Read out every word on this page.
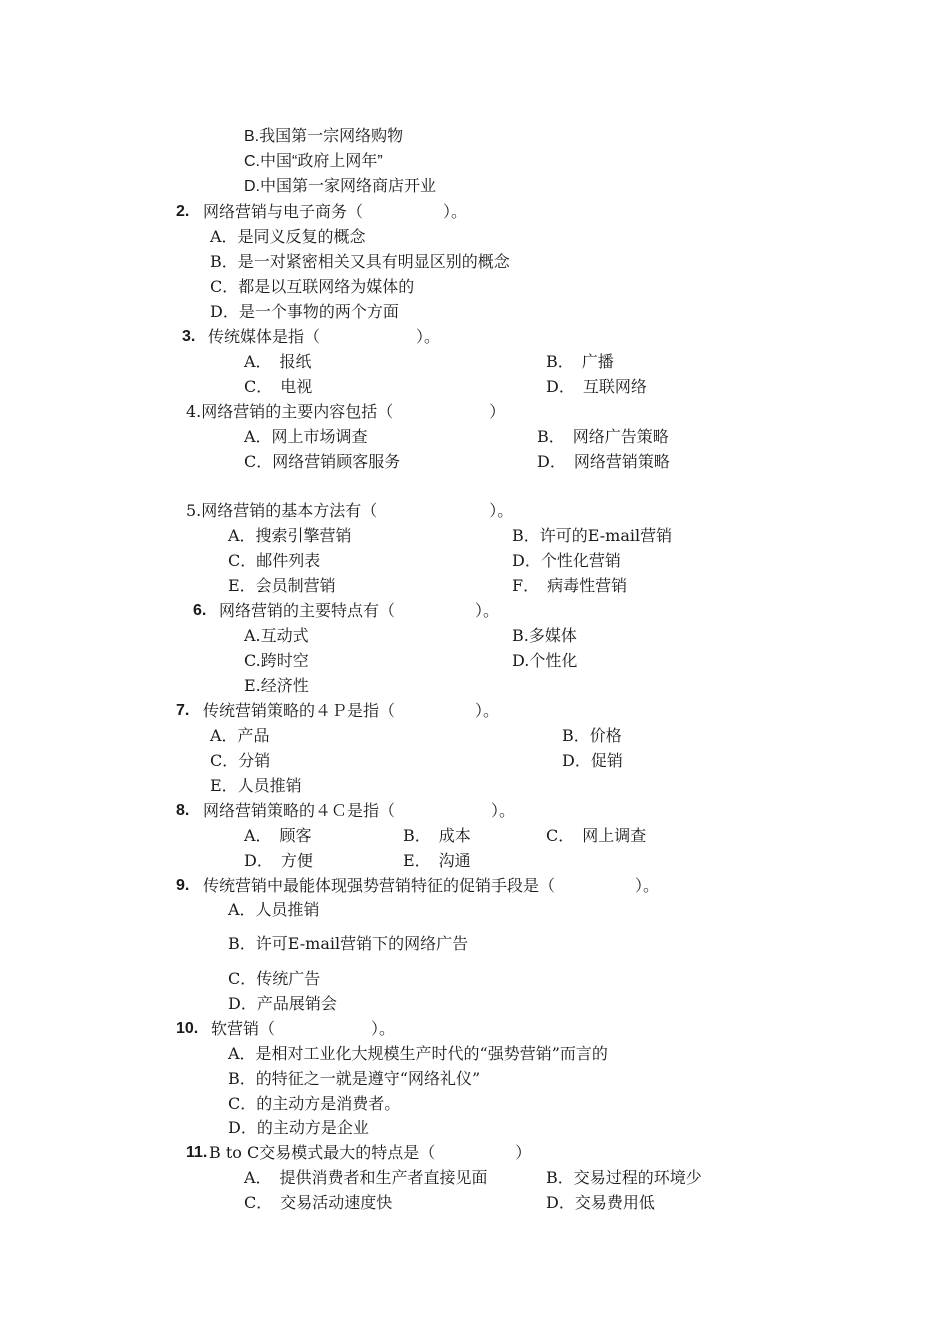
B.我国第一宗网络购物
C.中国“政府上网年”
D.中国第一家网络商店开业
2. 网络营销与电子商务（　　　　　）。
A．是同义反复的概念
B．是一对紧密相关又具有明显区别的概念
C．都是以互联网络为媒体的
D．是一个事物的两个方面
3. 传统媒体是指（　　　　　　）。
A．　报纸	B．　广播
C．　电视	D．　互联网络
4.网络营销的主要内容包括（　　　　　　）
A．网上市场调查	B．　网络广告策略
C．网络营销顾客服务	D．　网络营销策略
5.网络营销的基本方法有（　　　　　　　）。
A．搜索引擎营销	B．许可的E-mail营销
C．邮件列表	D．个性化营销
E．会员制营销	F．　病毒性营销
6. 网络营销的主要特点有（　　　　　）。
A.互动式	B.多媒体
C.跨时空	D.个性化
E.经济性
7. 传统营销策略的４Ｐ是指（　　　　　）。
A．产品	B．价格
C．分销	D．促销
E．人员推销
8. 网络营销策略的４Ｃ是指（　　　　　　）。
A．　顾客	B．　成本	C．　网上调查
D．　方便	E．　沟通
9. 传统营销中最能体现强势营销特征的促销手段是（　　　　　）。
A．人员推销
B．许可E-mail营销下的网络广告
C．传统广告
D．产品展销会
10. 软营销（　　　　　　）。
A．是相对工业化大规模生产时代的“强势营销”而言的
B．的特征之一就是遵守“网络礼仪”
C．的主动方是消费者。
D．的主动方是企业
11. B to C交易模式最大的特点是（　　　　　）
A．　提供消费者和生产者直接见面	B．交易过程的环境少
C．　交易活动速度快	D．交易费用低
